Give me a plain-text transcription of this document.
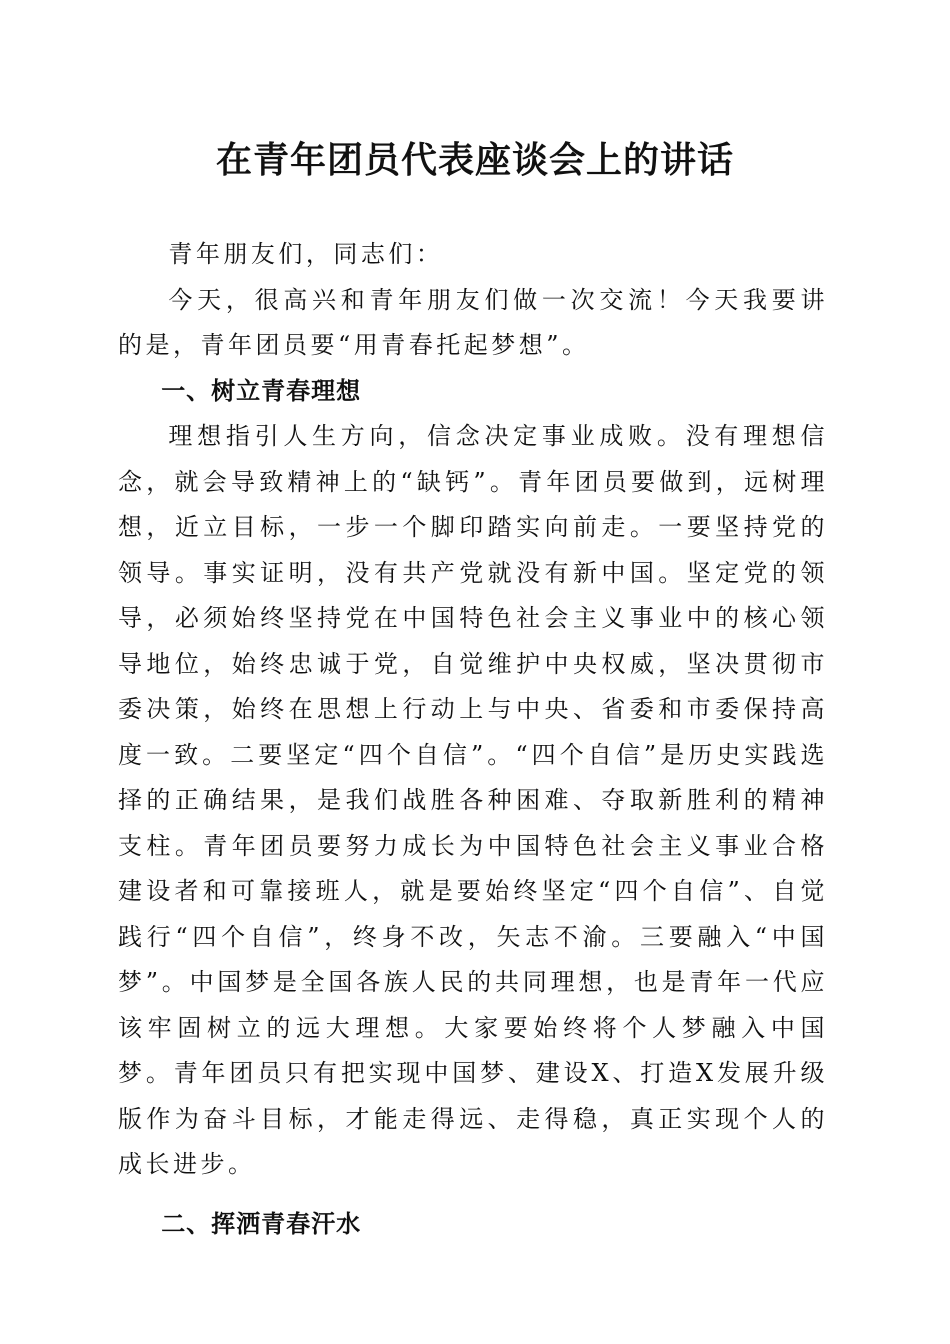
在青年团员代表座谈会上的讲话

青年朋友们，同志们：

今天，很高兴和青年朋友们做一次交流！今天我要讲的是，青年团员要“用青春托起梦想”。

一、树立青春理想

理想指引人生方向，信念决定事业成败。没有理想信念，就会导致精神上的“缺钙”。青年团员要做到，远树理想，近立目标，一步一个脚印踏实向前走。一要坚持党的领导。事实证明，没有共产党就没有新中国。坚定党的领导，必须始终坚持党在中国特色社会主义事业中的核心领导地位，始终忠诚于党，自觉维护中央权威，坚决贯彻市委决策，始终在思想上行动上与中央、省委和市委保持高度一致。二要坚定“四个自信”。“四个自信”是历史实践选择的正确结果，是我们战胜各种困难、夺取新胜利的精神支柱。青年团员要努力成长为中国特色社会主义事业合格建设者和可靠接班人，就是要始终坚定“四个自信”、自觉践行“四个自信”，终身不改，矢志不渝。三要融入“中国梦”。中国梦是全国各族人民的共同理想，也是青年一代应该牢固树立的远大理想。大家要始终将个人梦融入中国梦。青年团员只有把实现中国梦、建设X、打造X发展升级版作为奋斗目标，才能走得远、走得稳，真正实现个人的成长进步。

二、挥洒青春汗水
